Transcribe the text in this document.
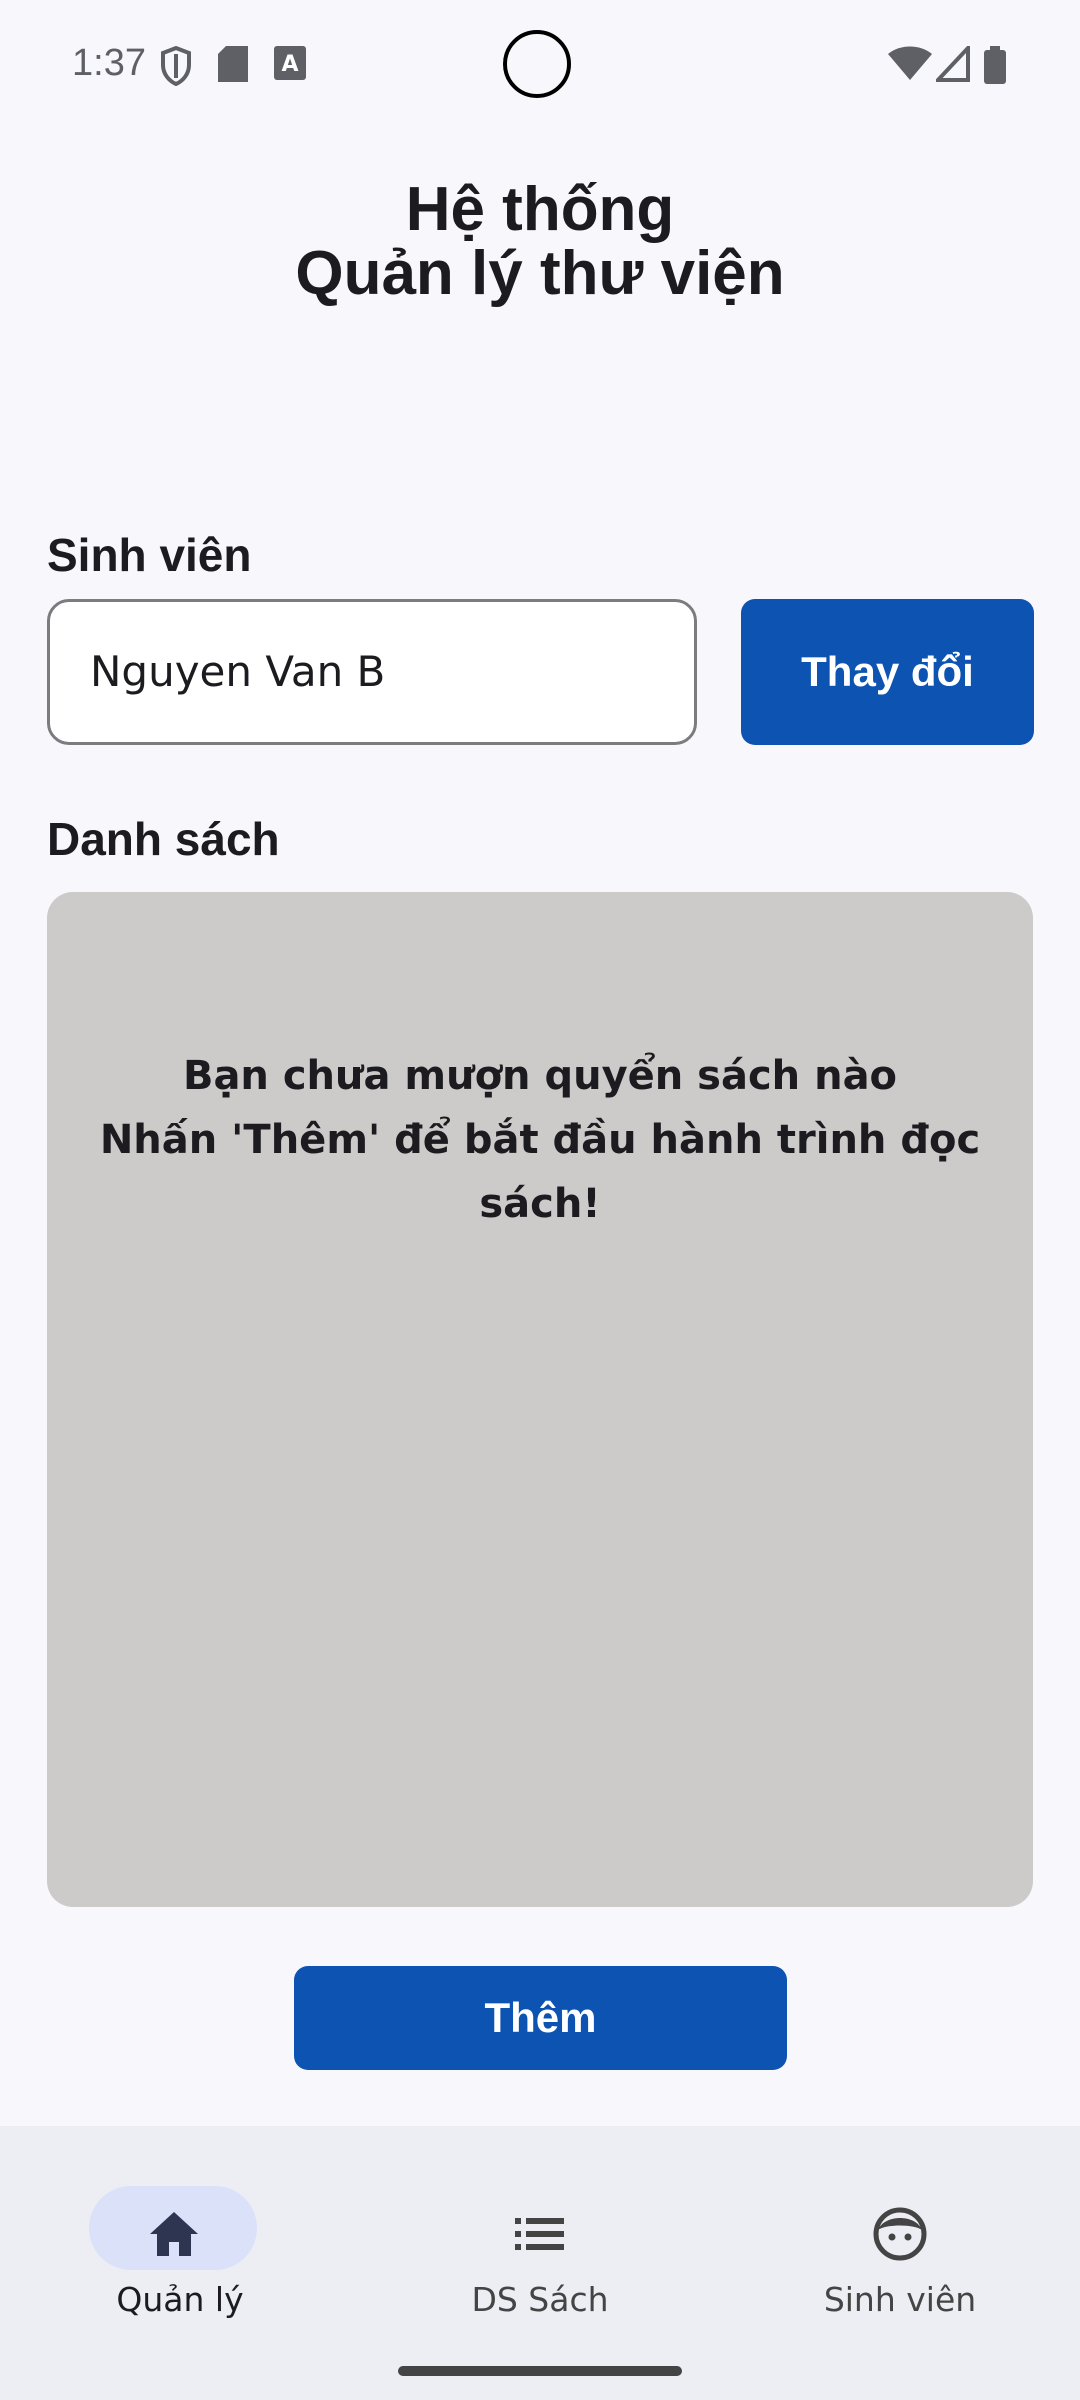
1:37	A
Hệ thống
Quản lý thư viện
Sinh viên
Nguyen Van B	Thay đổi
Danh sách
Bạn chưa mượn quyển sách nào
Nhấn 'Thêm' để bắt đầu hành trình đọc sách!
Thêm
Quản lý	DS Sách	Sinh viên
